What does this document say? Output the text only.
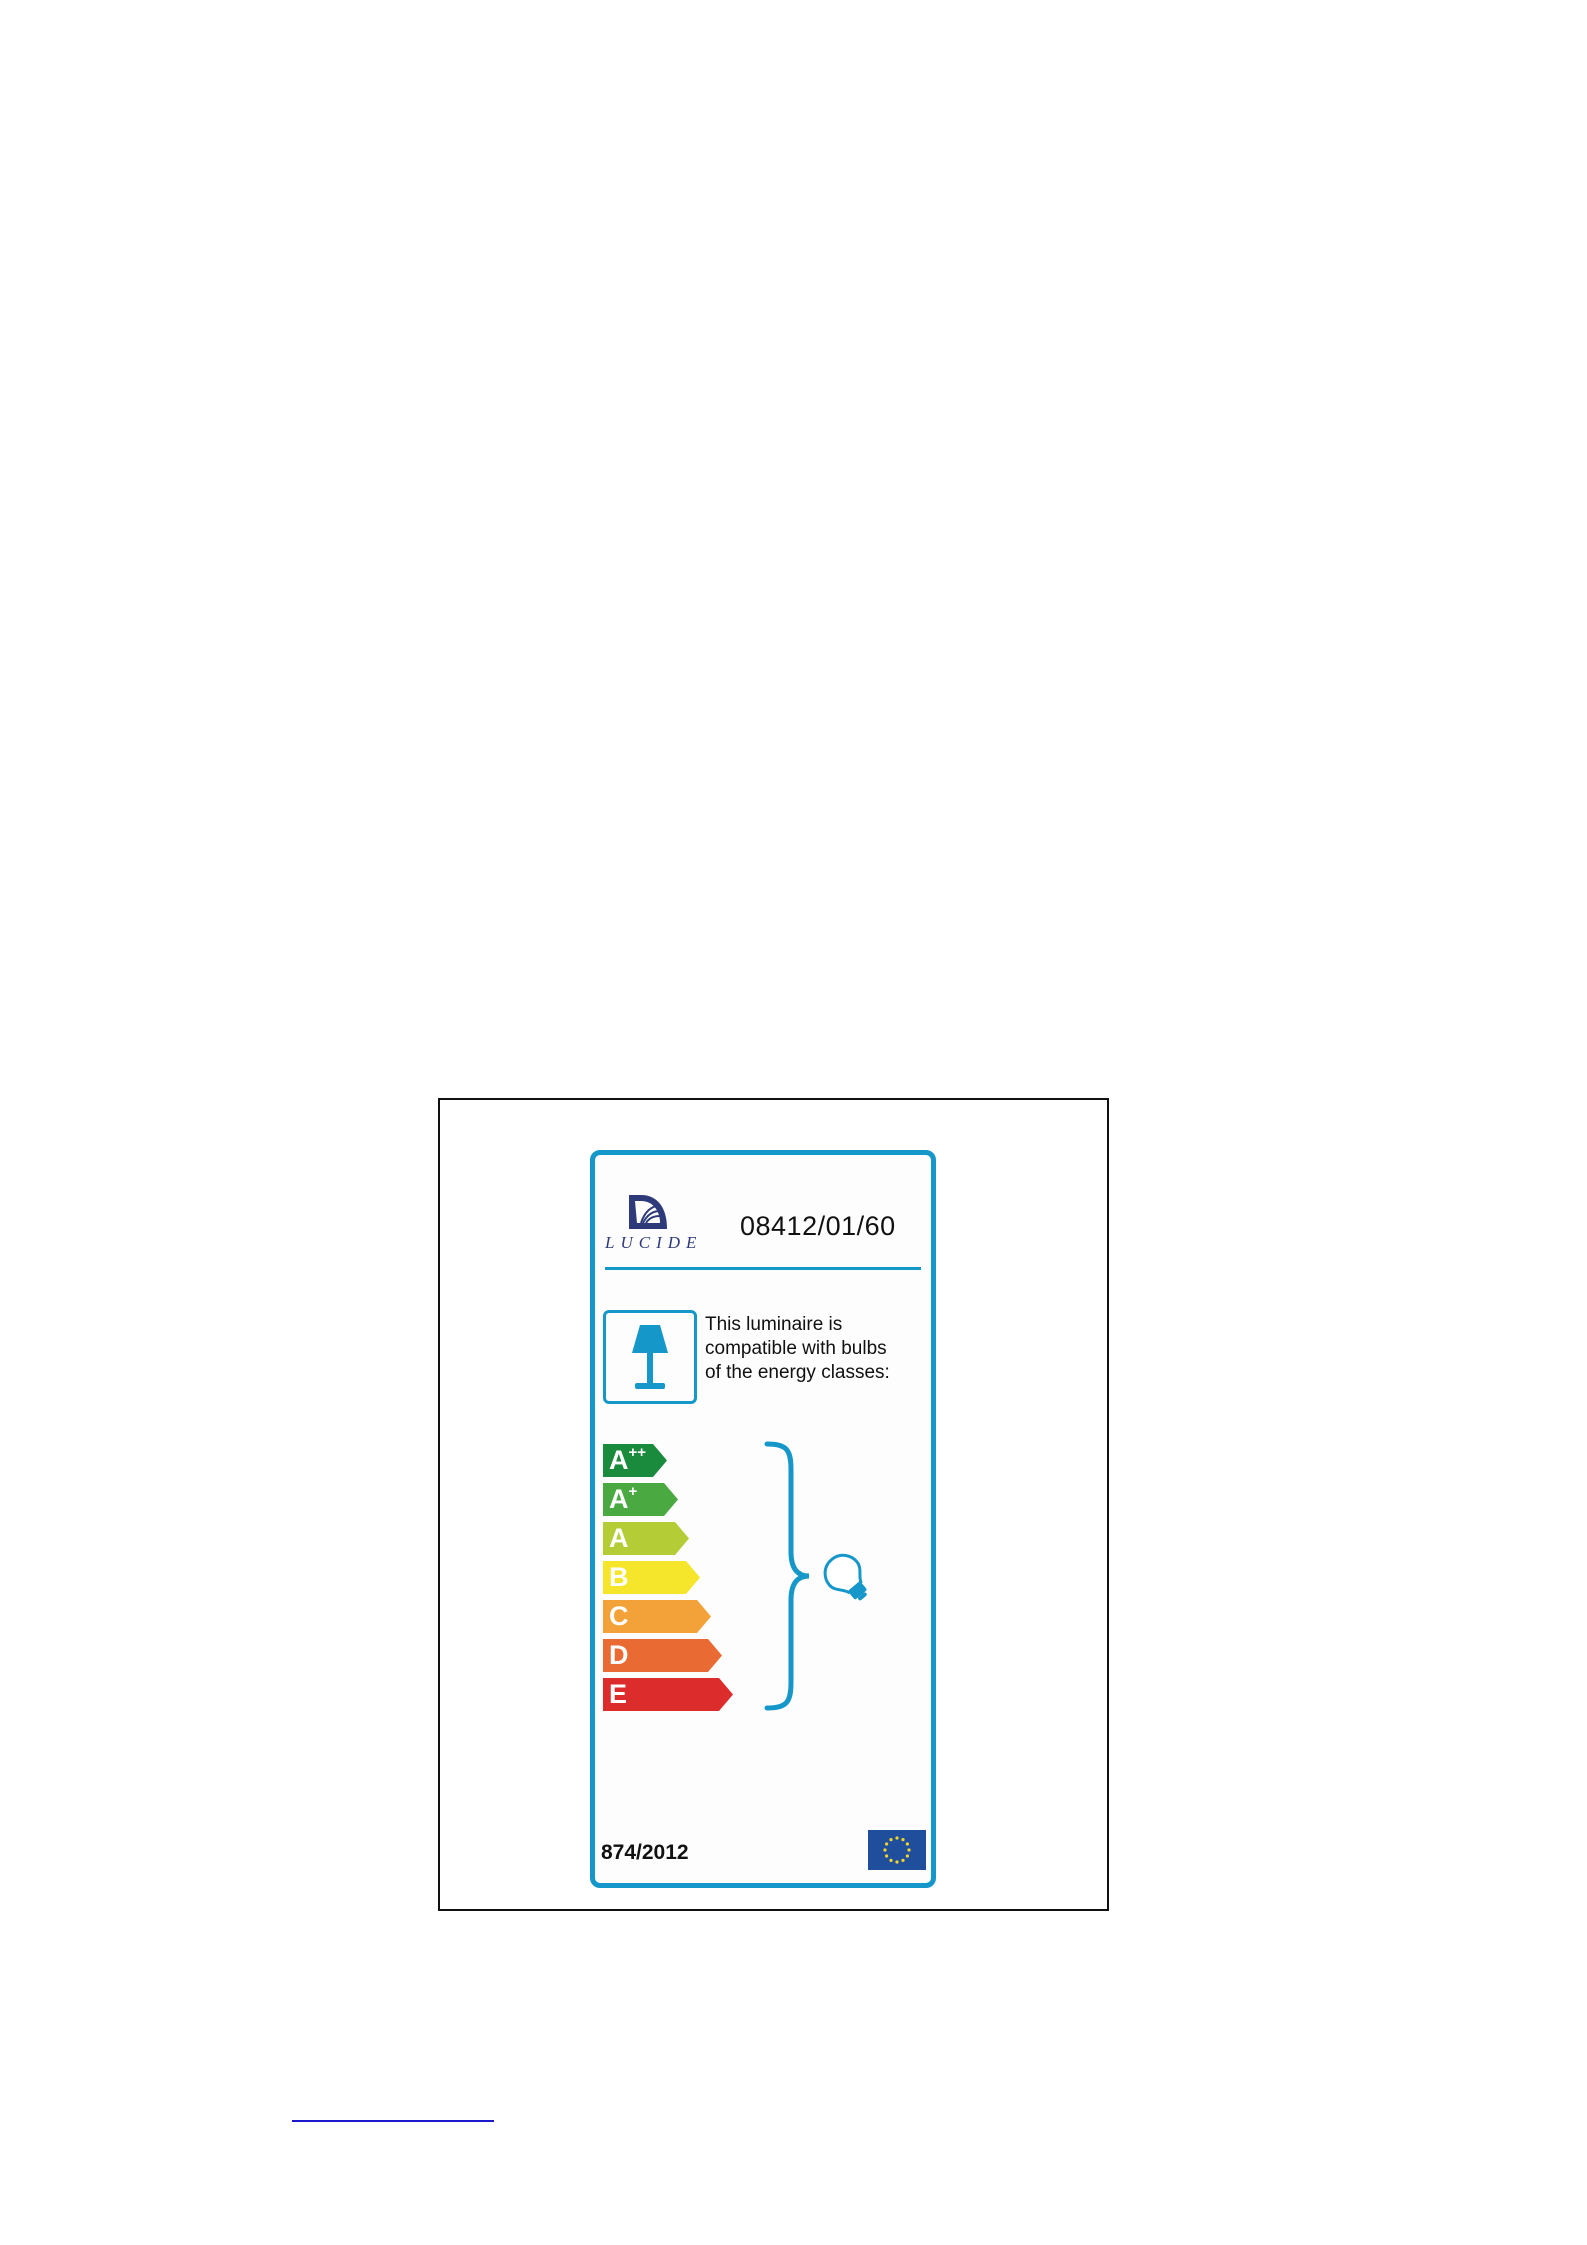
LUCIDE
08412/01/60
This luminaire is
compatible with bulbs
of the energy classes:
A++
A+
A
B
C
D
E
874/2012
